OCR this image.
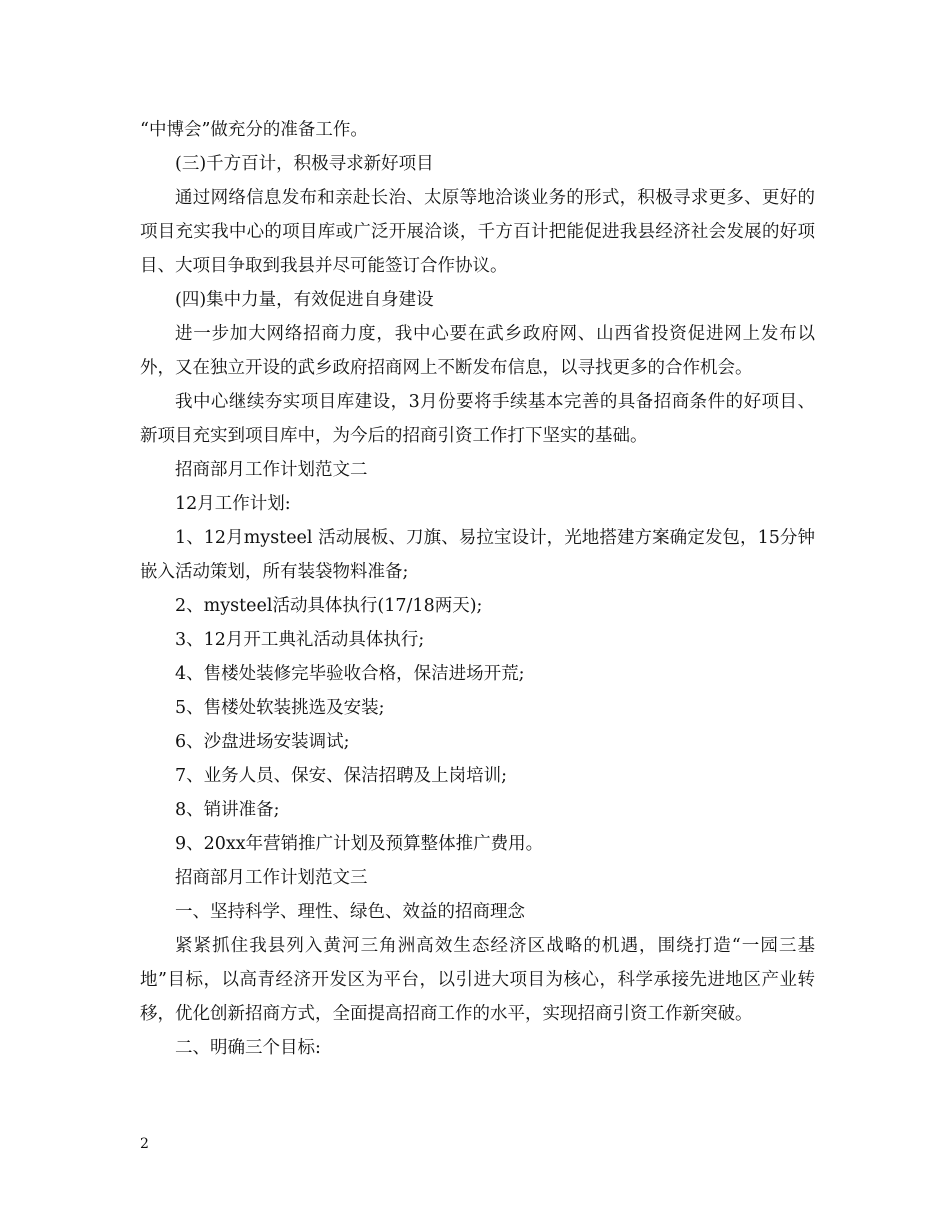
“中博会”做充分的准备工作。

(三)千方百计，积极寻求新好项目

通过网络信息发布和亲赴长治、太原等地洽谈业务的形式，积极寻求更多、更好的项目充实我中心的项目库或广泛开展洽谈，千方百计把能促进我县经济社会发展的好项目、大项目争取到我县并尽可能签订合作协议。

(四)集中力量，有效促进自身建设

进一步加大网络招商力度，我中心要在武乡政府网、山西省投资促进网上发布以外，又在独立开设的武乡政府招商网上不断发布信息，以寻找更多的合作机会。

我中心继续夯实项目库建设，3月份要将手续基本完善的具备招商条件的好项目、新项目充实到项目库中，为今后的招商引资工作打下坚实的基础。

招商部月工作计划范文二

12月工作计划:

1、12月mysteel 活动展板、刀旗、易拉宝设计，光地搭建方案确定发包，15分钟嵌入活动策划，所有装袋物料准备;

2、mysteel活动具体执行(17/18两天);

3、12月开工典礼活动具体执行;

4、售楼处装修完毕验收合格，保洁进场开荒;

5、售楼处软装挑选及安装;

6、沙盘进场安装调试;

7、业务人员、保安、保洁招聘及上岗培训;

8、销讲准备;

9、20xx年营销推广计划及预算整体推广费用。

招商部月工作计划范文三

一、坚持科学、理性、绿色、效益的招商理念

紧紧抓住我县列入黄河三角洲高效生态经济区战略的机遇，围绕打造“一园三基地”目标，以高青经济开发区为平台，以引进大项目为核心，科学承接先进地区产业转移，优化创新招商方式，全面提高招商工作的水平，实现招商引资工作新突破。

二、明确三个目标:

2
